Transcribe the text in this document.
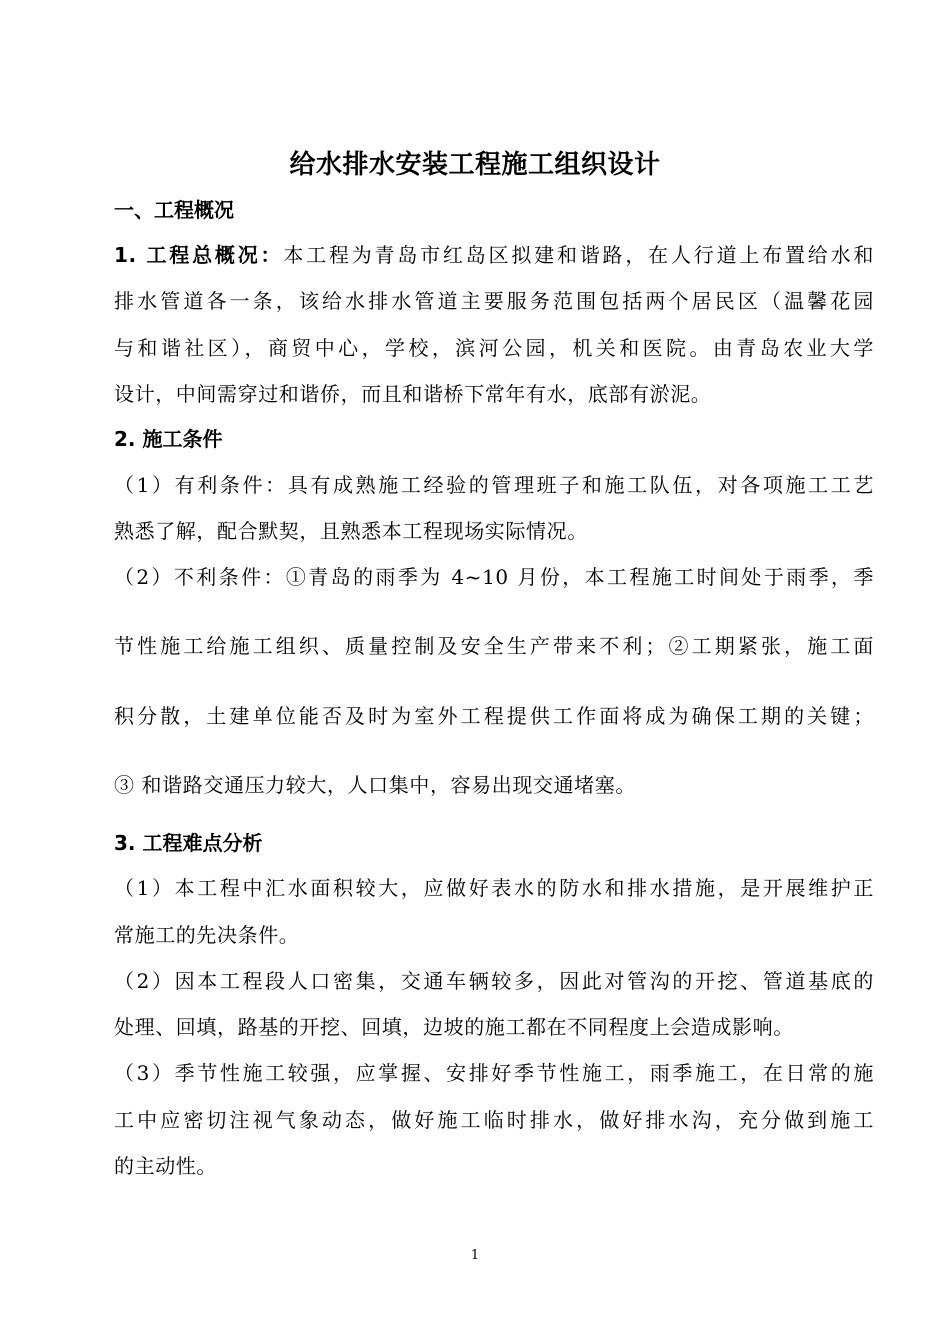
给水排水安装工程施工组织设计
一、工程概况
1. 工程总概况：本工程为青岛市红岛区拟建和谐路，在人行道上布置给水和
排水管道各一条，该给水排水管道主要服务范围包括两个居民区（温馨花园
与和谐社区），商贸中心，学校，滨河公园，机关和医院。由青岛农业大学
设计，中间需穿过和谐侨，而且和谐桥下常年有水，底部有淤泥。
2. 施工条件
（1）有利条件：具有成熟施工经验的管理班子和施工队伍，对各项施工工艺
熟悉了解，配合默契，且熟悉本工程现场实际情况。
（2）不利条件：①青岛的雨季为 4~10 月份，本工程施工时间处于雨季，季
节性施工给施工组织、质量控制及安全生产带来不利；②工期紧张，施工面
积分散，土建单位能否及时为室外工程提供工作面将成为确保工期的关键；
③ 和谐路交通压力较大，人口集中，容易出现交通堵塞。
3. 工程难点分析
（1）本工程中汇水面积较大，应做好表水的防水和排水措施，是开展维护正
常施工的先决条件。
（2）因本工程段人口密集，交通车辆较多，因此对管沟的开挖、管道基底的
处理、回填，路基的开挖、回填，边坡的施工都在不同程度上会造成影响。
（3）季节性施工较强，应掌握、安排好季节性施工，雨季施工，在日常的施
工中应密切注视气象动态，做好施工临时排水，做好排水沟，充分做到施工
的主动性。
1
